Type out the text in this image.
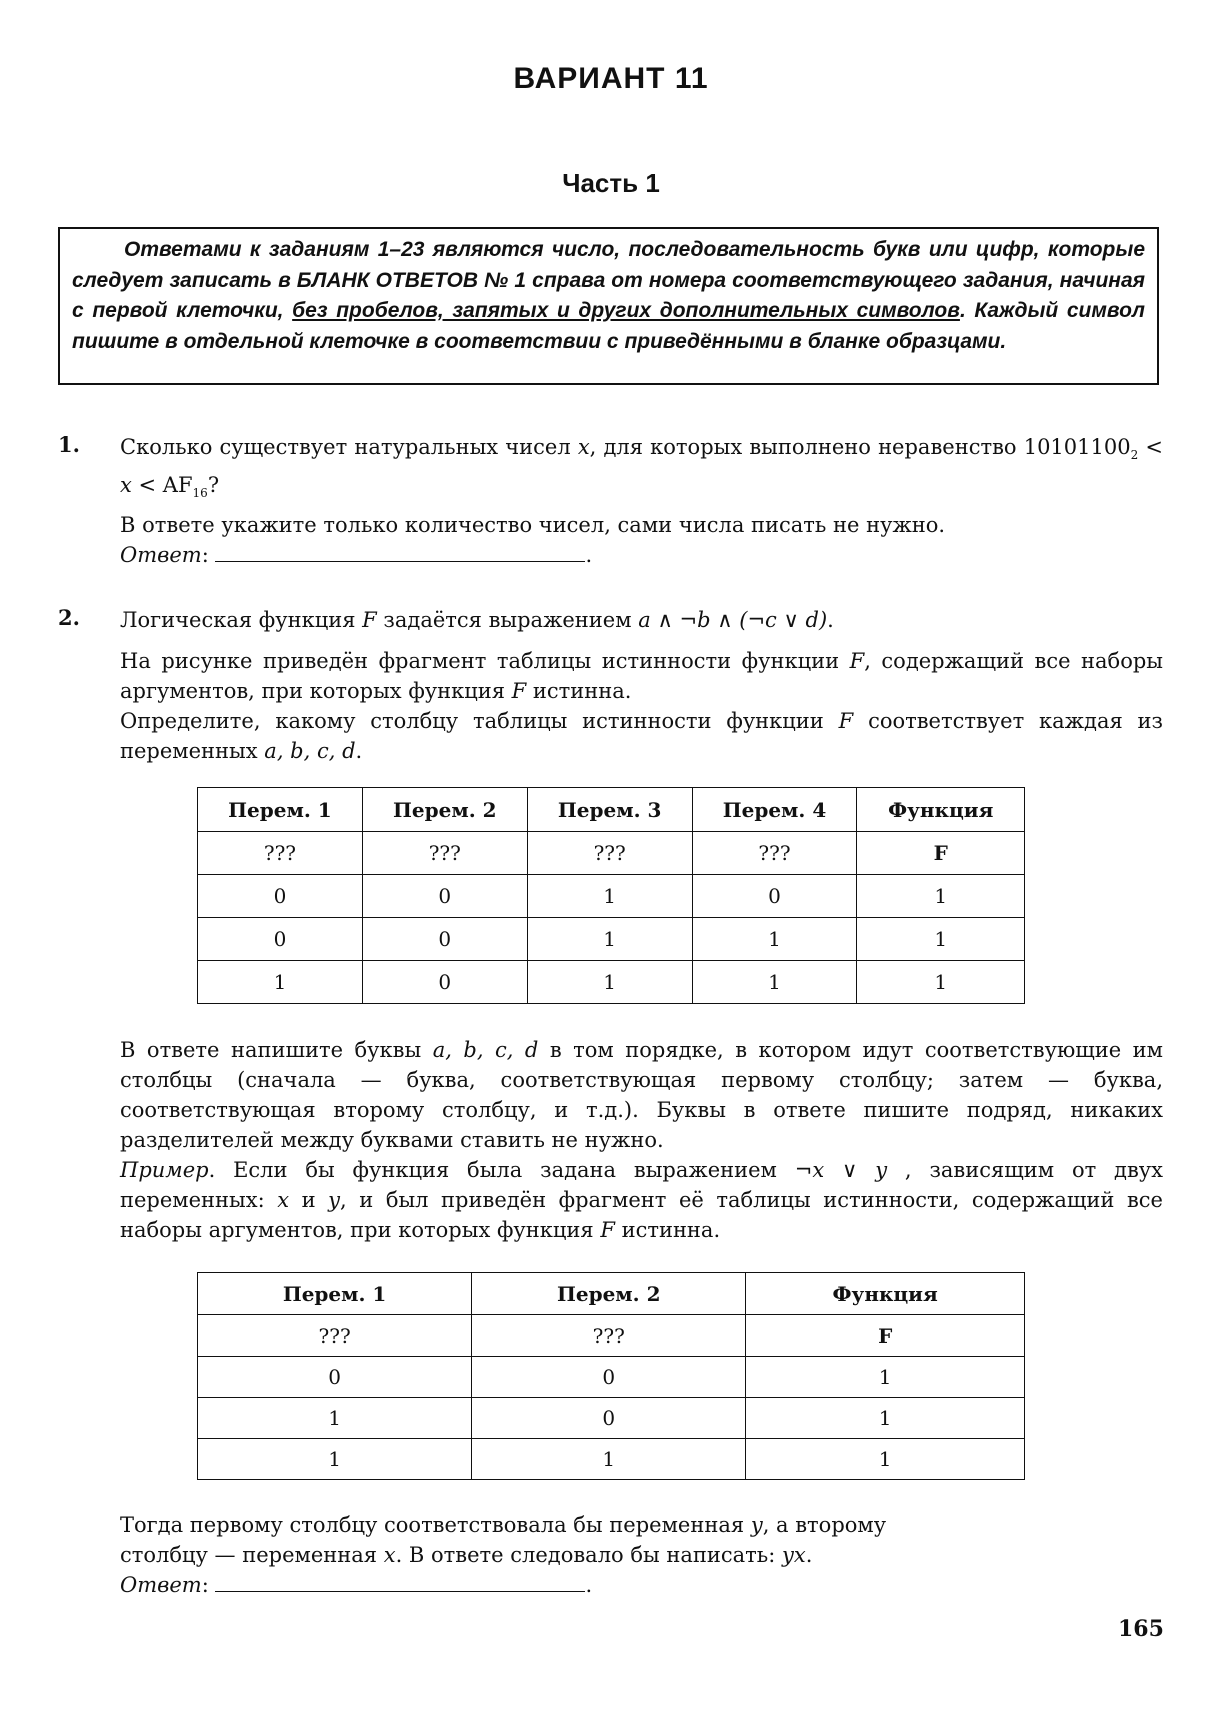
ВАРИАНТ 11
Часть 1
Ответами к заданиям 1–23 являются число, последовательность букв или цифр, которые следует записать в БЛАНК ОТВЕТОВ № 1 справа от номера соответствующего задания, начиная с первой клеточки, без пробелов, запятых и других дополнительных символов. Каждый символ пишите в отдельной клеточке в соответствии с приведёнными в бланке образцами.
1. Сколько существует натуральных чисел x, для которых выполнено неравенство $10101100_2 < x < AF_{16}$?
В ответе укажите только количество чисел, сами числа писать не нужно.
Ответ:	.
2. Логическая функция F задаётся выражением a ∧ ¬b ∧ (¬c ∨ d).
На рисунке приведён фрагмент таблицы истинности функции F, содержащий все наборы аргументов, при которых функция F истинна.
Определите, какому столбцу таблицы истинности функции F соответствует каждая из переменных a, b, c, d.
Перем. 1	Перем. 2	Перем. 3	Перем. 4	Функция
???	???	???	???	F
0	0	1	0	1
0	0	1	1	1
1	0	1	1	1
В ответе напишите буквы a, b, c, d в том порядке, в котором идут соответствующие им столбцы (сначала — буква, соответствующая первому столбцу; затем — буква, соответствующая второму столбцу, и т.д.). Буквы в ответе пишите подряд, никаких разделителей между буквами ставить не нужно.
Пример. Если бы функция была задана выражением ¬x ∨ y , зависящим от двух переменных: x и y, и был приведён фрагмент её таблицы истинности, содержащий все наборы аргументов, при которых функция F истинна.
Перем. 1	Перем. 2	Функция
???	???	F
0	0	1
1	0	1
1	1	1
Тогда первому столбцу соответствовала бы переменная y, а второму
столбцу — переменная x. В ответе следовало бы написать: yx.
Ответ:	.
165
